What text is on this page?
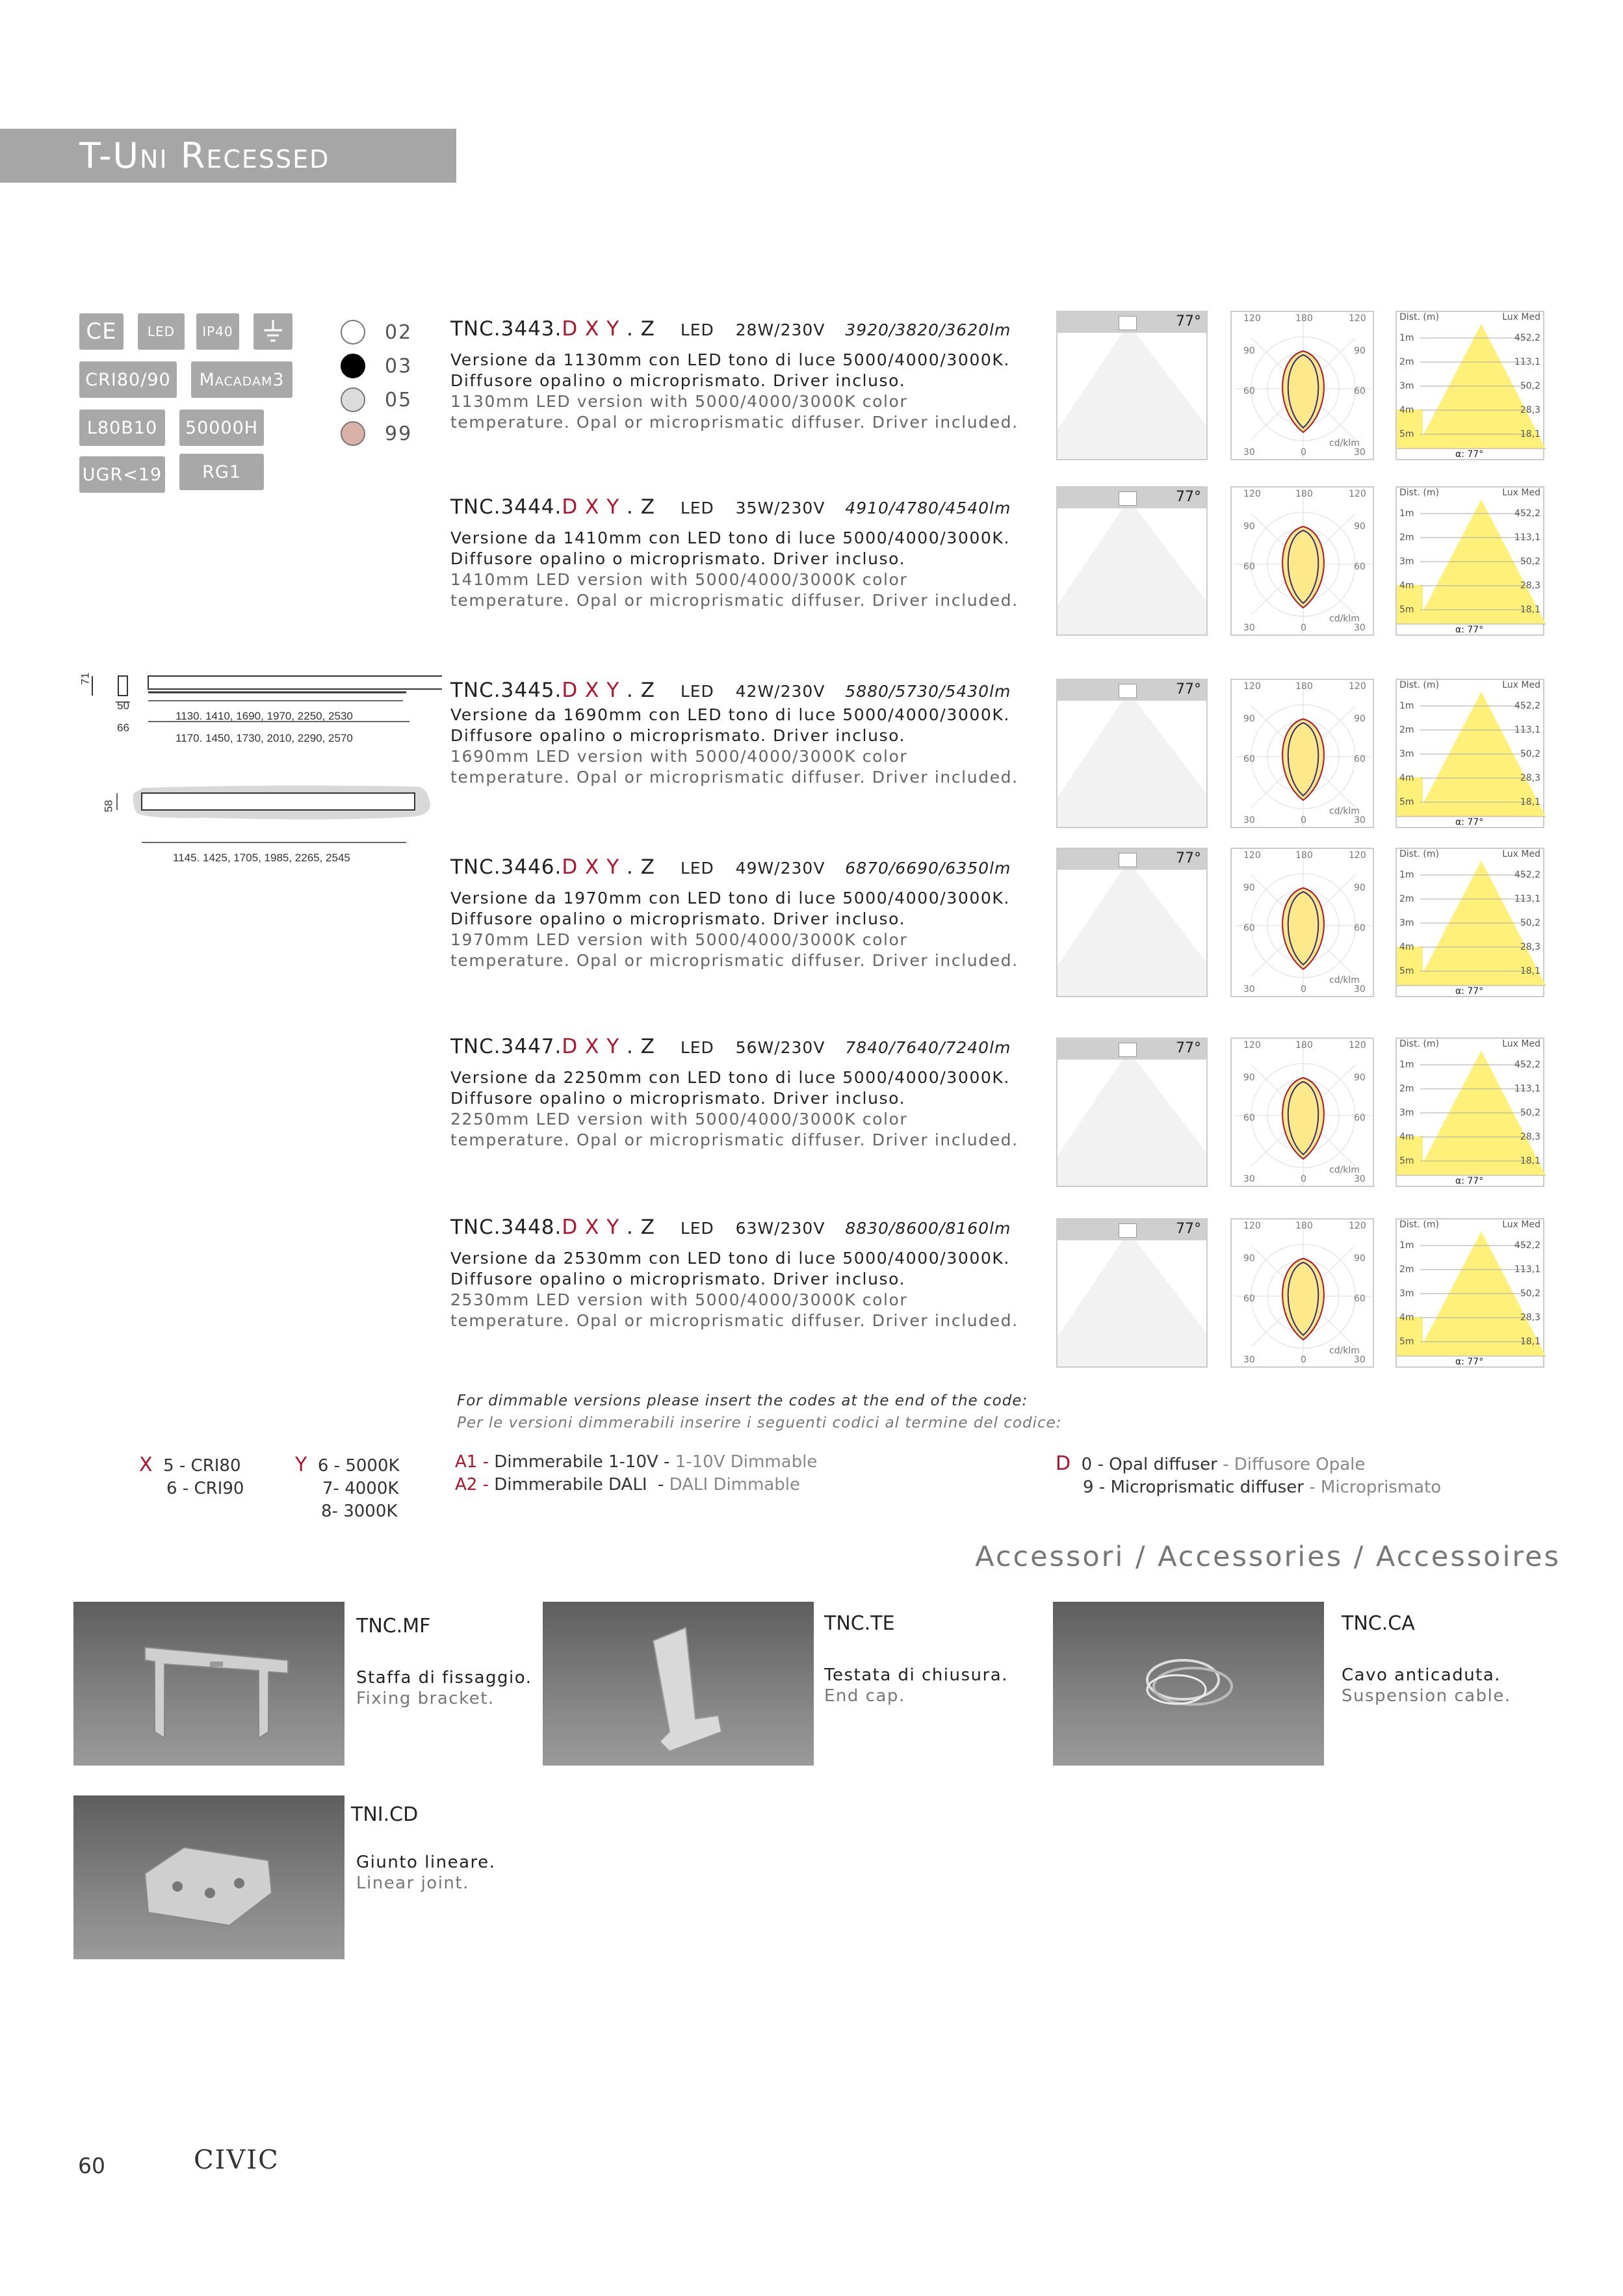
T-Uni Recessed
CE	LED	IP40
CRI80/90	Macadam3
L80B10	50000H
UGR<19	RG1
02
03
05
99
71
50
66
1130. 1410, 1690, 1970, 2250, 2530
1170. 1450, 1730, 2010, 2290, 2570
58
1145. 1425, 1705, 1985, 2265, 2545
TNC.3443.D X Y . Z LED 28W/230V 3920/3820/3620lm
Versione da 1130mm con LED tono di luce 5000/4000/3000K.
Diffusore opalino o microprismato. Driver incluso.
1130mm LED version with 5000/4000/3000K color
temperature. Opal or microprismatic diffuser. Driver included.
TNC.3444.D X Y . Z LED 35W/230V 4910/4780/4540lm
Versione da 1410mm con LED tono di luce 5000/4000/3000K.
Diffusore opalino o microprismato. Driver incluso.
1410mm LED version with 5000/4000/3000K color
temperature. Opal or microprismatic diffuser. Driver included.
TNC.3445.D X Y . Z LED 42W/230V 5880/5730/5430lm
Versione da 1690mm con LED tono di luce 5000/4000/3000K.
Diffusore opalino o microprismato. Driver incluso.
1690mm LED version with 5000/4000/3000K color
temperature. Opal or microprismatic diffuser. Driver included.
TNC.3446.D X Y . Z LED 49W/230V 6870/6690/6350lm
Versione da 1970mm con LED tono di luce 5000/4000/3000K.
Diffusore opalino o microprismato. Driver incluso.
1970mm LED version with 5000/4000/3000K color
temperature. Opal or microprismatic diffuser. Driver included.
TNC.3447.D X Y . Z LED 56W/230V 7840/7640/7240lm
Versione da 2250mm con LED tono di luce 5000/4000/3000K.
Diffusore opalino o microprismato. Driver incluso.
2250mm LED version with 5000/4000/3000K color
temperature. Opal or microprismatic diffuser. Driver included.
TNC.3448.D X Y . Z LED 63W/230V 8830/8600/8160lm
Versione da 2530mm con LED tono di luce 5000/4000/3000K.
Diffusore opalino o microprismato. Driver incluso.
2530mm LED version with 5000/4000/3000K color
temperature. Opal or microprismatic diffuser. Driver included.
77°	120	180	120
90	90
60	60
30	0	30
cd/klm
Dist. (m)	Lux Med
1m	452,2
2m	113,1
3m	50,2
4m	28,3
5m	18,1
α: 77°
77°	120	180	120
90	90
60	60
30	0	30
cd/klm
Dist. (m)	Lux Med
1m	452,2
2m	113,1
3m	50,2
4m	28,3
5m	18,1
α: 77°
77°	120	180	120
90	90
60	60
30	0	30
cd/klm
Dist. (m)	Lux Med
1m	452,2
2m	113,1
3m	50,2
4m	28,3
5m	18,1
α: 77°
77°	120	180	120
90	90
60	60
30	0	30
cd/klm
Dist. (m)	Lux Med
1m	452,2
2m	113,1
3m	50,2
4m	28,3
5m	18,1
α: 77°
77°	120	180	120
90	90
60	60
30	0	30
cd/klm
Dist. (m)	Lux Med
1m	452,2
2m	113,1
3m	50,2
4m	28,3
5m	18,1
α: 77°
77°	120	180	120
90	90
60	60
30	0	30
cd/klm
Dist. (m)	Lux Med
1m	452,2
2m	113,1
3m	50,2
4m	28,3
5m	18,1
α: 77°
For dimmable versions please insert the codes at the end of the code:
Per le versioni dimmerabili inserire i seguenti codici al termine del codice:
X 5 - CRI80
6 - CRI90
Y 6 - 5000K
7- 4000K
8- 3000K
A1 - Dimmerabile 1-10V - 1-10V Dimmable
A2 - Dimmerabile DALI  - DALI Dimmable
D 0 - Opal diffuser - Diffusore Opale
9 - Microprismatic diffuser - Microprismato
Accessori / Accessories / Accessoires
TNC.MF
Staffa di fissaggio.
Fixing bracket.
TNC.TE
Testata di chiusura.
End cap.
TNC.CA
Cavo anticaduta.
Suspension cable.
TNI.CD
Giunto lineare.
Linear joint.
60	CIVIC
